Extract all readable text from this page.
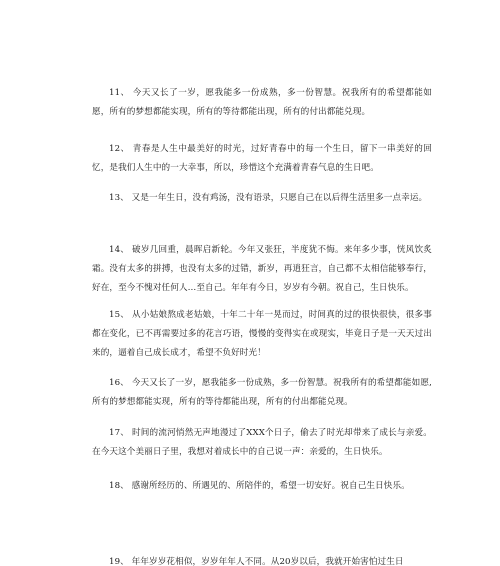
11、 今天又长了一岁，愿我能多一份成熟，多一份智慧。祝我所有的希望都能如愿，所有的梦想都能实现，所有的等待都能出现，所有的付出都能兑现。

12、 青春是人生中最美好的时光，过好青春中的每一个生日，留下一串美好的回忆，是我们人生中的一大幸事，所以，珍惜这个充满着青春气息的生日吧。

13、 又是一年生日，没有鸡汤，没有语录，只愿自己在以后得生活里多一点幸运。

14、 破岁几回重，晨晖启新轮。今年又张狂，半度犹不悔。来年多少事，恍风饮炙霜。没有太多的拼搏，也没有太多的过错，新岁，再逍狂言，自己都不太相信能够奉行，好在，至今不愧对任何人…至自己。年年有今日，岁岁有今朝。祝自己，生日快乐。

15、 从小姑娘熬成老姑娘，十年二十年一晃而过，时间真的过的很快很快，很多事都在变化，已不再需要过多的花言巧语，慢慢的变得实在或现实，毕竟日子是一天天过出来的，逼着自己成长成才，希望不负好时光！

16、 今天又长了一岁，愿我能多一份成熟，多一份智慧。祝我所有的希望都能如愿,所有的梦想都能实现，所有的等待都能出现，所有的付出都能兑现。

17、 时间的流河悄然无声地漫过了XXX个日子，偷去了时光却带来了成长与亲爱。在今天这个美丽日子里，我想对着成长中的自己说一声：亲爱的，生日快乐。

18、 感谢所经历的、所遇见的、所陪伴的，希望一切安好。祝自己生日快乐。

19、 年年岁岁花相似，岁岁年年人不同。从20岁以后，我就开始害怕过生日
